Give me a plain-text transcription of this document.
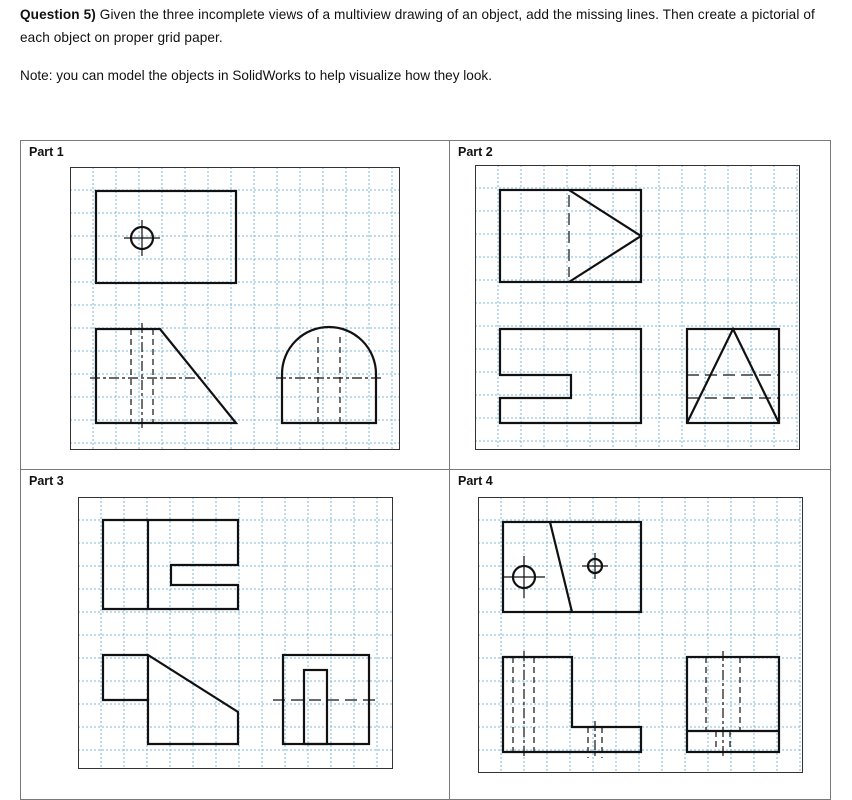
Question 5) Given the three incomplete views of a multiview drawing of an object, add the missing lines. Then create a pictorial of each object on proper grid paper.
Note: you can model the objects in SolidWorks to help visualize how they look.
Part 1	Part 2
Part 3	Part 4
